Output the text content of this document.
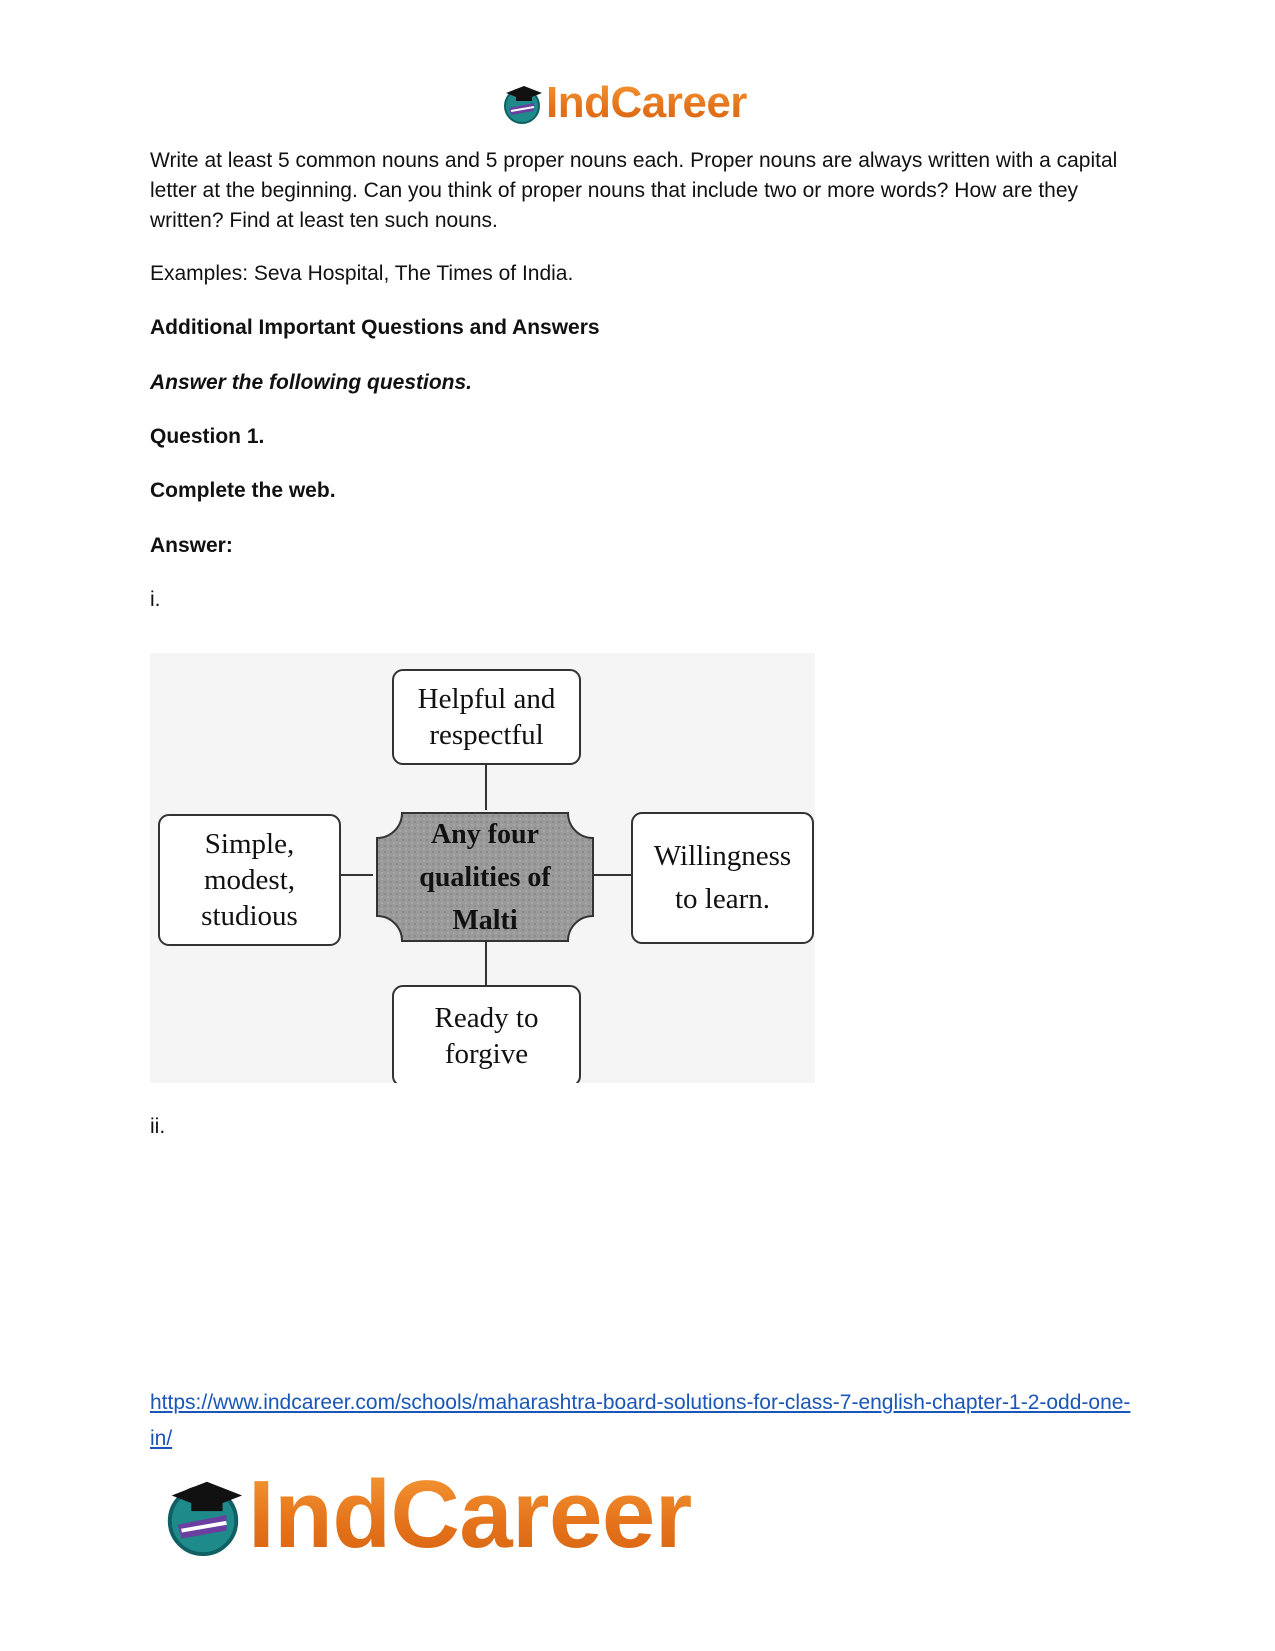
IndCareer
Write at least 5 common nouns and 5 proper nouns each. Proper nouns are always written with a capital letter at the beginning. Can you think of proper nouns that include two or more words? How are they written? Find at least ten such nouns.
Examples: Seva Hospital, The Times of India.
Additional Important Questions and Answers
Answer the following questions.
Question 1.
Complete the web.
Answer:
i.
Helpful and
respectful
Simple,
modest,
studious
Willingness
to learn.
Ready to
forgive
Any four
qualities of
Malti
ii.
https://www.indcareer.com/schools/maharashtra-board-solutions-for-class-7-english-chapter-1-2-odd-one-in/
IndCareer
